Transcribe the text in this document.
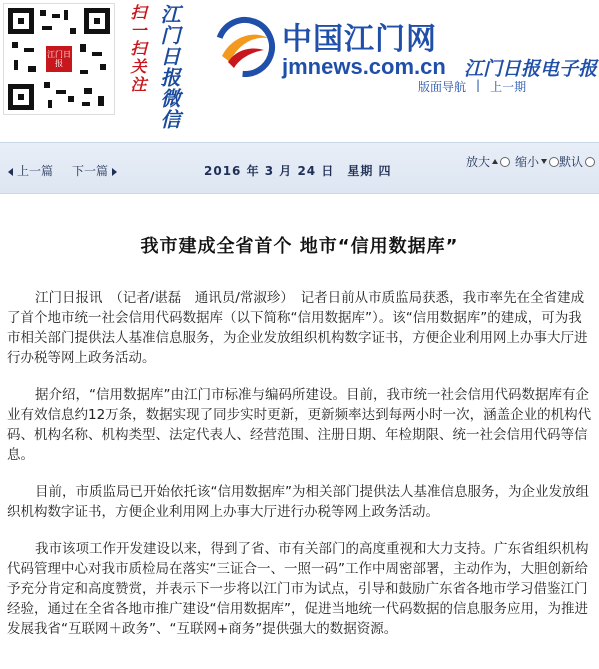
江门日报	扫一扫关注 江门日报微信	中国江门网
jmnews.com.cn 江门日报电子报
版面导航 | 上一期
上一篇 下一篇	2016 年 3 月 24 日　星期 四
放大 缩小 默认
我市建成全省首个 地市“信用数据库”

江门日报讯　（记者/谌磊　通讯员/常淑珍）　记者日前从市质监局获悉，我市率先在全省建成了首个地市统一社会信用代码数据库（以下简称“信用数据库”）。该“信用数据库”的建成，可为我市相关部门提供法人基准信息服务，为企业发放组织机构数字证书，方便企业利用网上办事大厅进行办税等网上政务活动。

据介绍，“信用数据库”由江门市标准与编码所建设。目前，我市统一社会信用代码数据库有企业有效信息约12万条，数据实现了同步实时更新，更新频率达到每两小时一次，涵盖企业的机构代码、机构名称、机构类型、法定代表人、经营范围、注册日期、年检期限、统一社会信用代码等信息。

目前，市质监局已开始依托该“信用数据库”为相关部门提供法人基准信息服务，为企业发放组织机构数字证书，方便企业利用网上办事大厅进行办税等网上政务活动。

我市该项工作开发建设以来，得到了省、市有关部门的高度重视和大力支持。广东省组织机构代码管理中心对我市质检局在落实“三证合一、一照一码”工作中周密部署，主动作为，大胆创新给予充分肯定和高度赞赏，并表示下一步将以江门市为试点，引导和鼓励广东省各地市学习借鉴江门经验，通过在全省各地市推广建设“信用数据库”，促进当地统一代码数据的信息服务应用，为推进发展我省“互联网＋政务”、“互联网+商务”提供强大的数据资源。
